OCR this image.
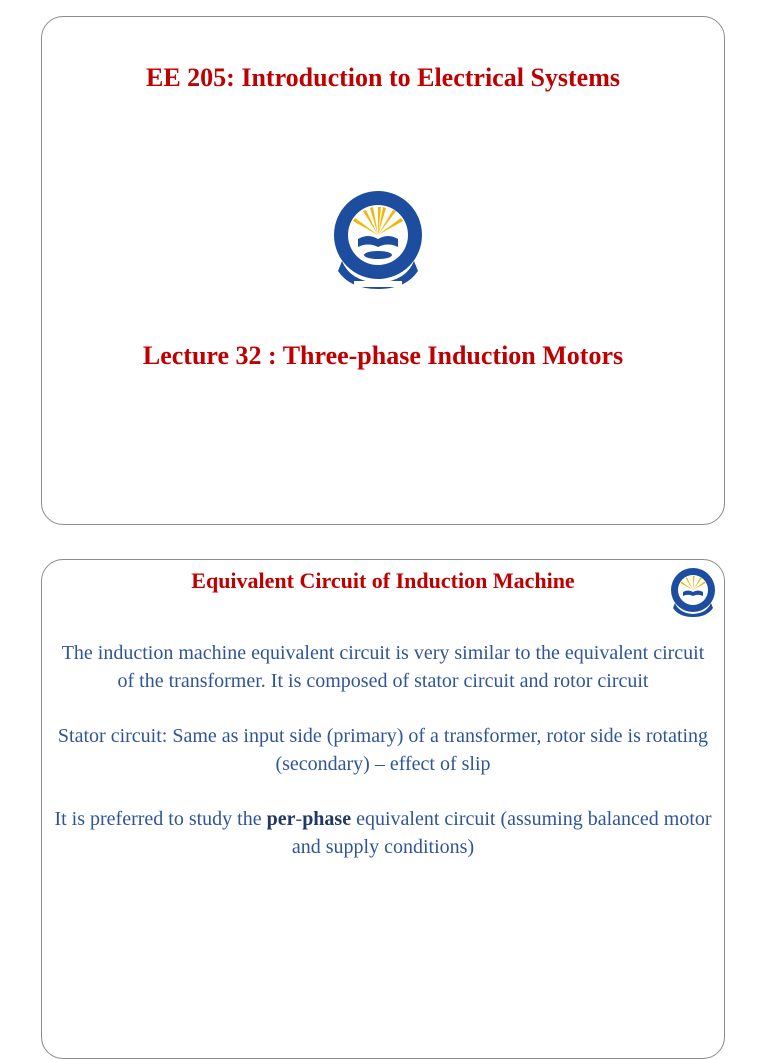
EE 205: Introduction to Electrical Systems
Lecture 32 : Three-phase Induction Motors
Equivalent Circuit of Induction Machine

The induction machine equivalent circuit is very similar to the equivalent circuit of the transformer. It is composed of stator circuit and rotor circuit

Stator circuit: Same as input side (primary) of a transformer, rotor side is rotating (secondary) – effect of slip

It is preferred to study the per-phase equivalent circuit (assuming balanced motor and supply conditions)
